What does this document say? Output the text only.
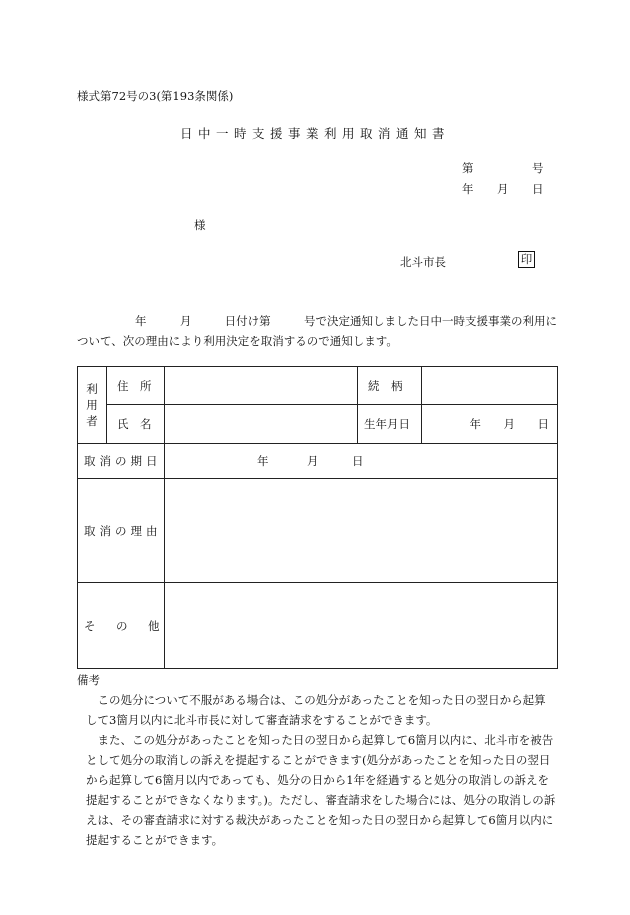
様式第72号の3(第193条関係)
日中一時支援事業利用取消通知書
第	号
年 月 日
様
北斗市長	印
年	月	日付け第	号で決定通知しました日中一時支援事業の利用に
ついて、次の理由により利用決定を取消するので通知します。
利
用
者	住　 所		続　 柄	
	氏　 名		生年月日	年 月 日

取消の期日		年 月 日		
取消の理由				
そ の 他				

備考

この処分について不服がある場合は、この処分があったことを知った日の翌日から起算して3箇月以内に北斗市長に対して審査請求をすることができます。

また、この処分があったことを知った日の翌日から起算して6箇月以内に、北斗市を被告として処分の取消しの訴えを提起することができます(処分があったことを知った日の翌日から起算して6箇月以内であっても、処分の日から1年を経過すると処分の取消しの訴えを提起することができなくなります。)。ただし、審査請求をした場合には、処分の取消しの訴えは、その審査請求に対する裁決があったことを知った日の翌日から起算して6箇月以内に提起することができます。
